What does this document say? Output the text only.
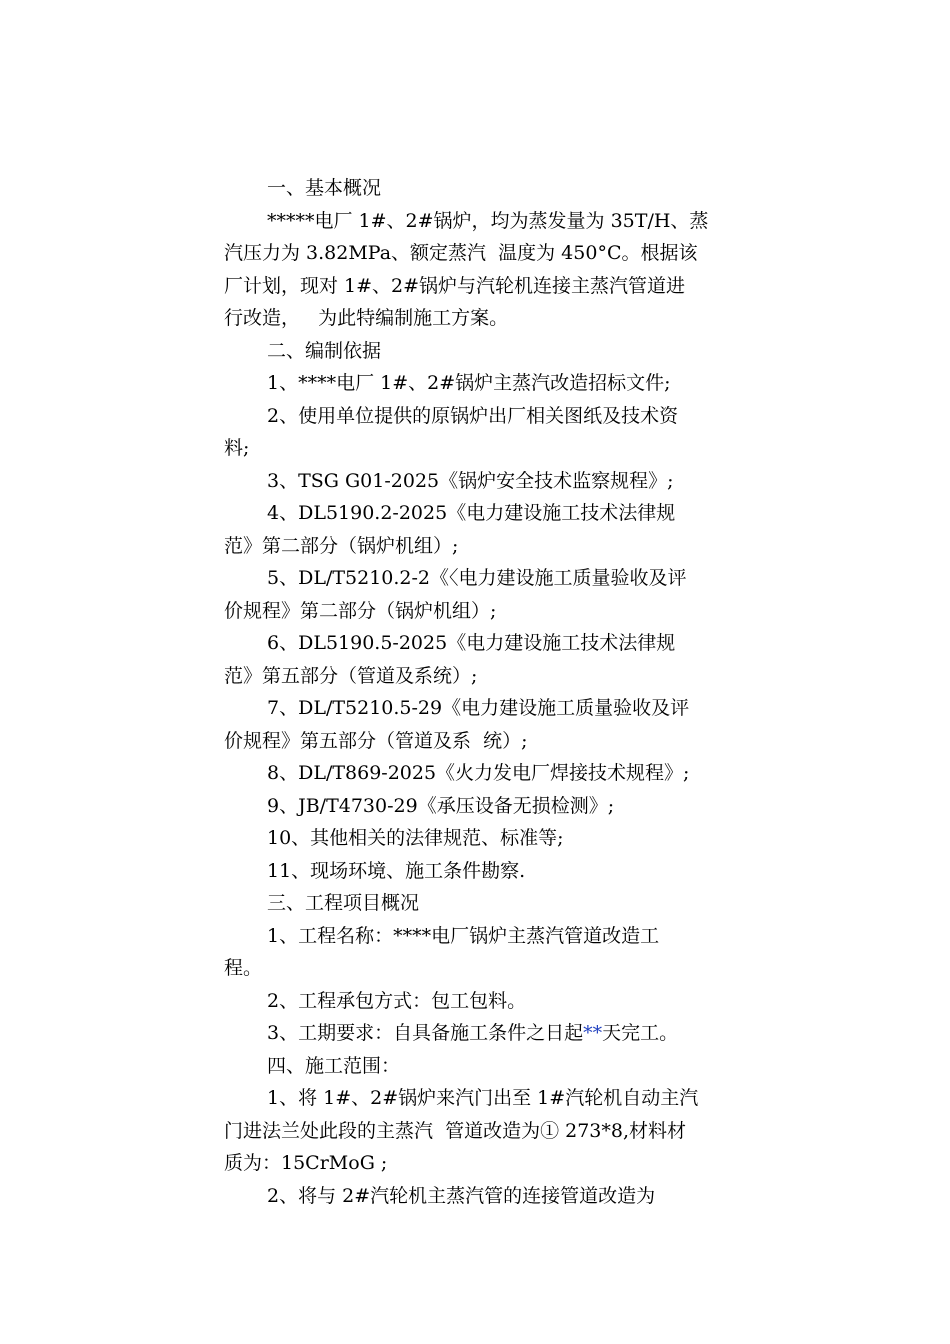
一、基本概况

*****电厂 1#、2#锅炉，均为蒸发量为 35T/H、蒸

汽压力为 3.82MPa、额定蒸汽  温度为 450°C。根据该

厂计划，现对 1#、2#锅炉与汽轮机连接主蒸汽管道进

行改造，   为此特编制施工方案。

二、编制依据

1、****电厂 1#、2#锅炉主蒸汽改造招标文件;

2、使用单位提供的原锅炉出厂相关图纸及技术资

料;

3、TSG G01-2025《锅炉安全技术监察规程》;

4、DL5190.2-2025《电力建设施工技术法律规

范》第二部分（锅炉机组）;

5、DL/T5210.2-2《〈电力建设施工质量验收及评

价规程》第二部分（锅炉机组）;

6、DL5190.5-2025《电力建设施工技术法律规

范》第五部分（管道及系统）;

7、DL/T5210.5-29《电力建设施工质量验收及评

价规程》第五部分（管道及系  统）;

8、DL/T869-2025《火力发电厂焊接技术规程》;

9、JB/T4730-29《承压设备无损检测》;

10、其他相关的法律规范、标准等;

11、现场环境、施工条件勘察.

三、工程项目概况

1、工程名称：****电厂锅炉主蒸汽管道改造工

程。

2、工程承包方式：包工包料。

3、工期要求：自具备施工条件之日起**天完工。

四、施工范围：

1、将 1#、2#锅炉来汽门出至 1#汽轮机自动主汽

门进法兰处此段的主蒸汽  管道改造为① 273*8,材料材

质为：15CrMoG ;

2、将与 2#汽轮机主蒸汽管的连接管道改造为
